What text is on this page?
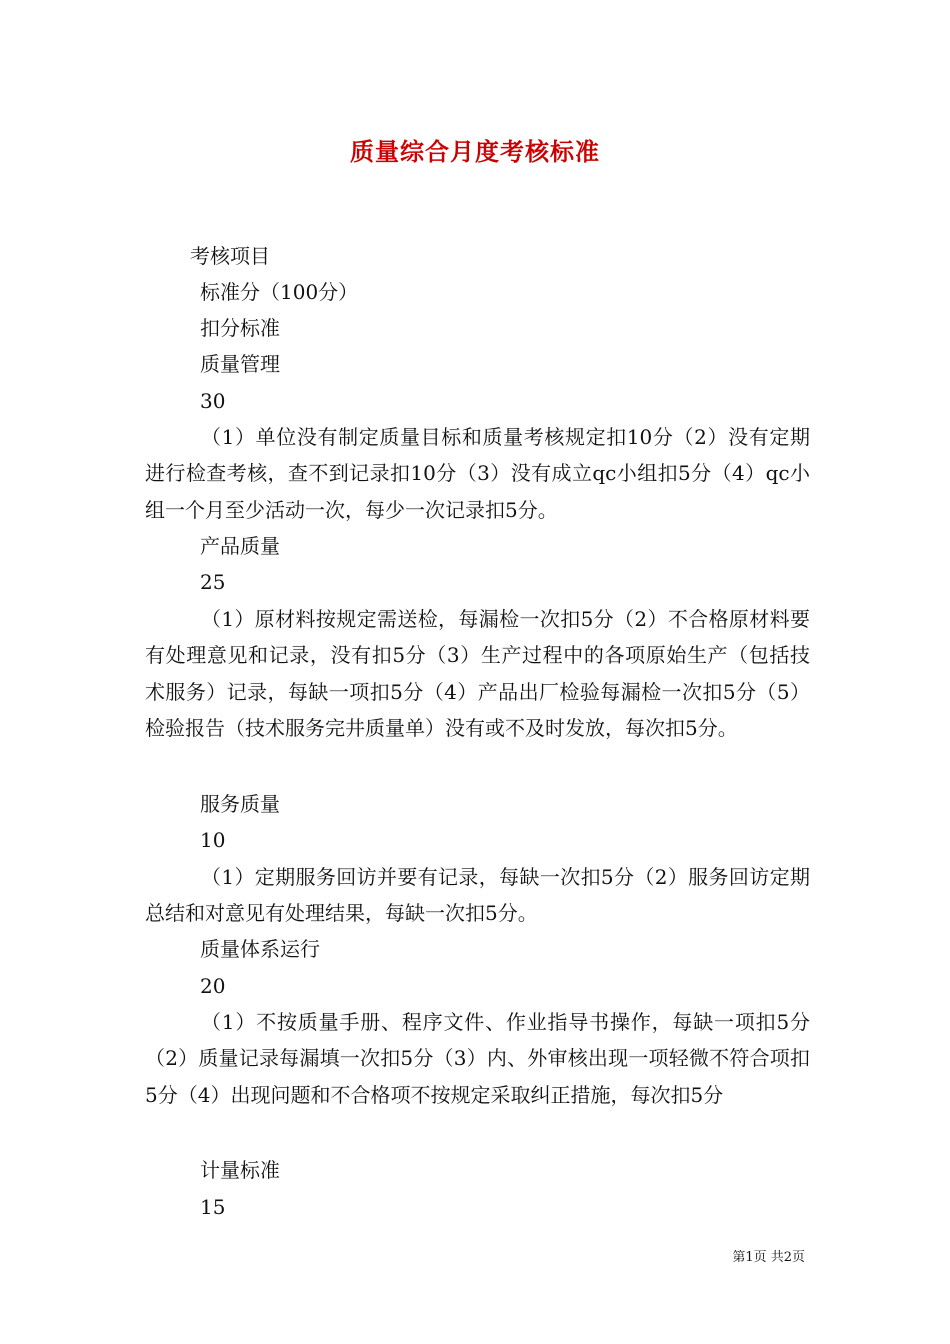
质量综合月度考核标准
考核项目
标准分（100分）
扣分标准
质量管理
30
（1）单位没有制定质量目标和质量考核规定扣10分（2）没有定期进行检查考核，查不到记录扣10分（3）没有成立qc小组扣5分（4）qc小组一个月至少活动一次，每少一次记录扣5分。
产品质量
25
（1）原材料按规定需送检，每漏检一次扣5分（2）不合格原材料要有处理意见和记录，没有扣5分（3）生产过程中的各项原始生产（包括技术服务）记录，每缺一项扣5分（4）产品出厂检验每漏检一次扣5分（5）检验报告（技术服务完井质量单）没有或不及时发放，每次扣5分。
服务质量
10
（1）定期服务回访并要有记录，每缺一次扣5分（2）服务回访定期总结和对意见有处理结果，每缺一次扣5分。
质量体系运行
20
（1）不按质量手册、程序文件、作业指导书操作，每缺一项扣5分（2）质量记录每漏填一次扣5分（3）内、外审核出现一项轻微不符合项扣5分（4）出现问题和不合格项不按规定采取纠正措施，每次扣5分
计量标准
15
第1页 共2页
